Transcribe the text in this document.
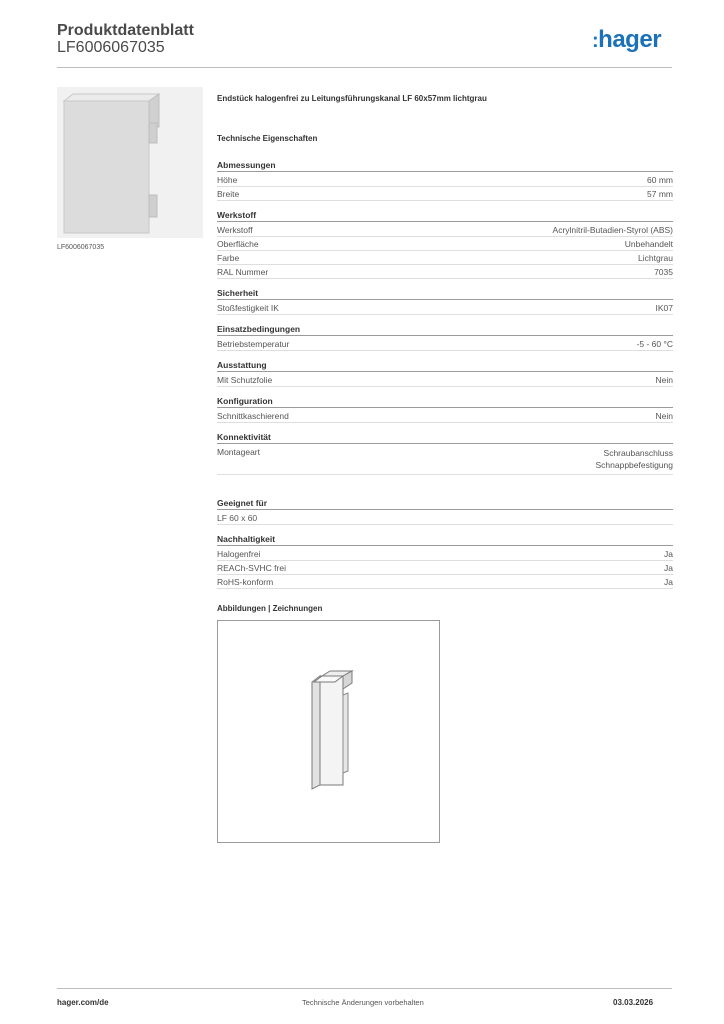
Produktdatenblatt
LF6006067035	:hager
LF6006067035
Endstück halogenfrei zu Leitungsführungskanal LF 60x57mm lichtgrau
Technische Eigenschaften
Abmessungen
Höhe	60 mm
Breite	57 mm
Werkstoff
Werkstoff	Acrylnitril-Butadien-Styrol (ABS)
Oberfläche	Unbehandelt
Farbe	Lichtgrau
RAL Nummer	7035
Sicherheit
Stoßfestigkeit IK	IK07
Einsatzbedingungen
Betriebstemperatur	-5 - 60 °C
Ausstattung
Mit Schutzfolie	Nein
Konfiguration
Schnittkaschierend	Nein
Konnektivität
Montageart	Schraubanschluss
Schnappbefestigung
Geeignet für
LF 60 x 60
Nachhaltigkeit
Halogenfrei	Ja
REACh-SVHC frei	Ja
RoHS-konform	Ja
Abbildungen | Zeichnungen
hager.com/de	Technische Änderungen vorbehalten	03.03.2026
